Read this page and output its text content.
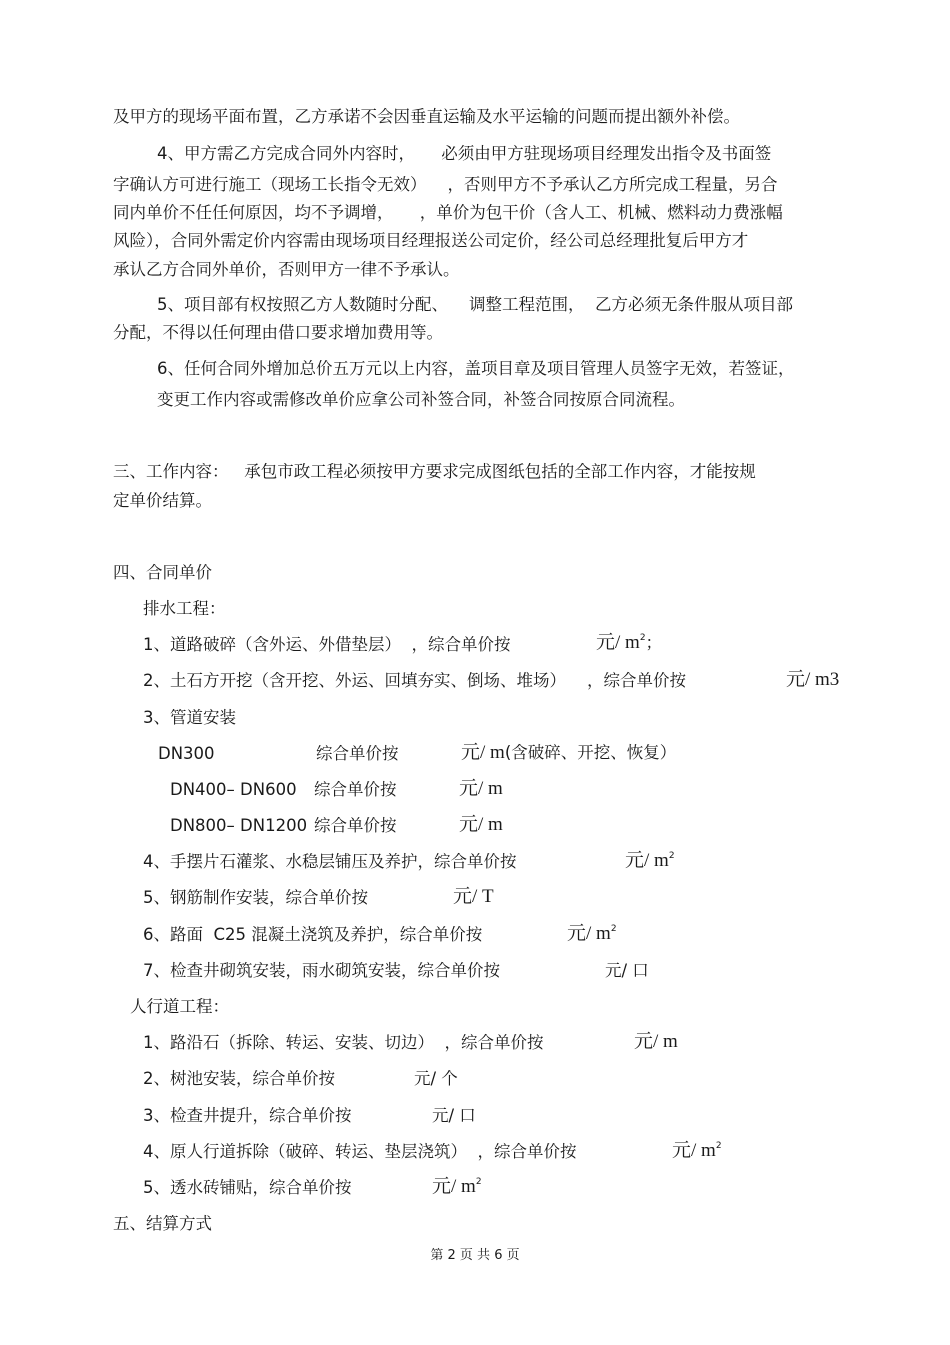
及甲方的现场平面布置，乙方承诺不会因垂直运输及水平运输的问题而提出额外补偿。
4、甲方需乙方完成合同外内容时，     必须由甲方驻现场项目经理发出指令及书面签
字确认方可进行施工（现场工长指令无效）    ，否则甲方不予承认乙方所完成工程量，另合
同内单价不任任何原因，均不予调增，     ，单价为包干价（含人工、机械、燃料动力费涨幅
风险），合同外需定价内容需由现场项目经理报送公司定价，经公司总经理批复后甲方才
承认乙方合同外单价，否则甲方一律不予承认。
5、项目部有权按照乙方人数随时分配、    调整工程范围，  乙方必须无条件服从项目部
分配，不得以任何理由借口要求增加费用等。
6、任何合同外增加总价五万元以上内容，盖项目章及项目管理人员签字无效，若签证，
变更工作内容或需修改单价应拿公司补签合同，补签合同按原合同流程。
三、工作内容：   承包市政工程必须按甲方要求完成图纸包括的全部工作内容，才能按规
定单价结算。
四、合同单价
排水工程：
1、道路破碎（含外运、外借垫层）  ，综合单价按	元/ $m^2$；
2、土石方开挖（含开挖、外运、回填夯实、倒场、堆场）    ，综合单价按	元/ m3
3、管道安装
DN300	综合单价按	元/ m(含破碎、开挖、恢复）
DN400– DN600 综合单价按	元/ m
DN800– DN1200 综合单价按	元/ m
4、手摆片石灌浆、水稳层铺压及养护，综合单价按	元/ $m^2$
5、钢筋制作安装，综合单价按	元/ T
6、路面  C25 混凝土浇筑及养护，综合单价按	元/ $m^2$
7、检查井砌筑安装，雨水砌筑安装，综合单价按	元/ 口
人行道工程：
1、路沿石（拆除、转运、安装、切边）  ，综合单价按	元/ m
2、树池安装，综合单价按	元/ 个
3、检查井提升，综合单价按	元/ 口
4、原人行道拆除（破碎、转运、垫层浇筑）  ，综合单价按	元/ $m^2$
5、透水砖铺贴，综合单价按	元/ $m^2$
五、结算方式
第 2 页 共 6 页
